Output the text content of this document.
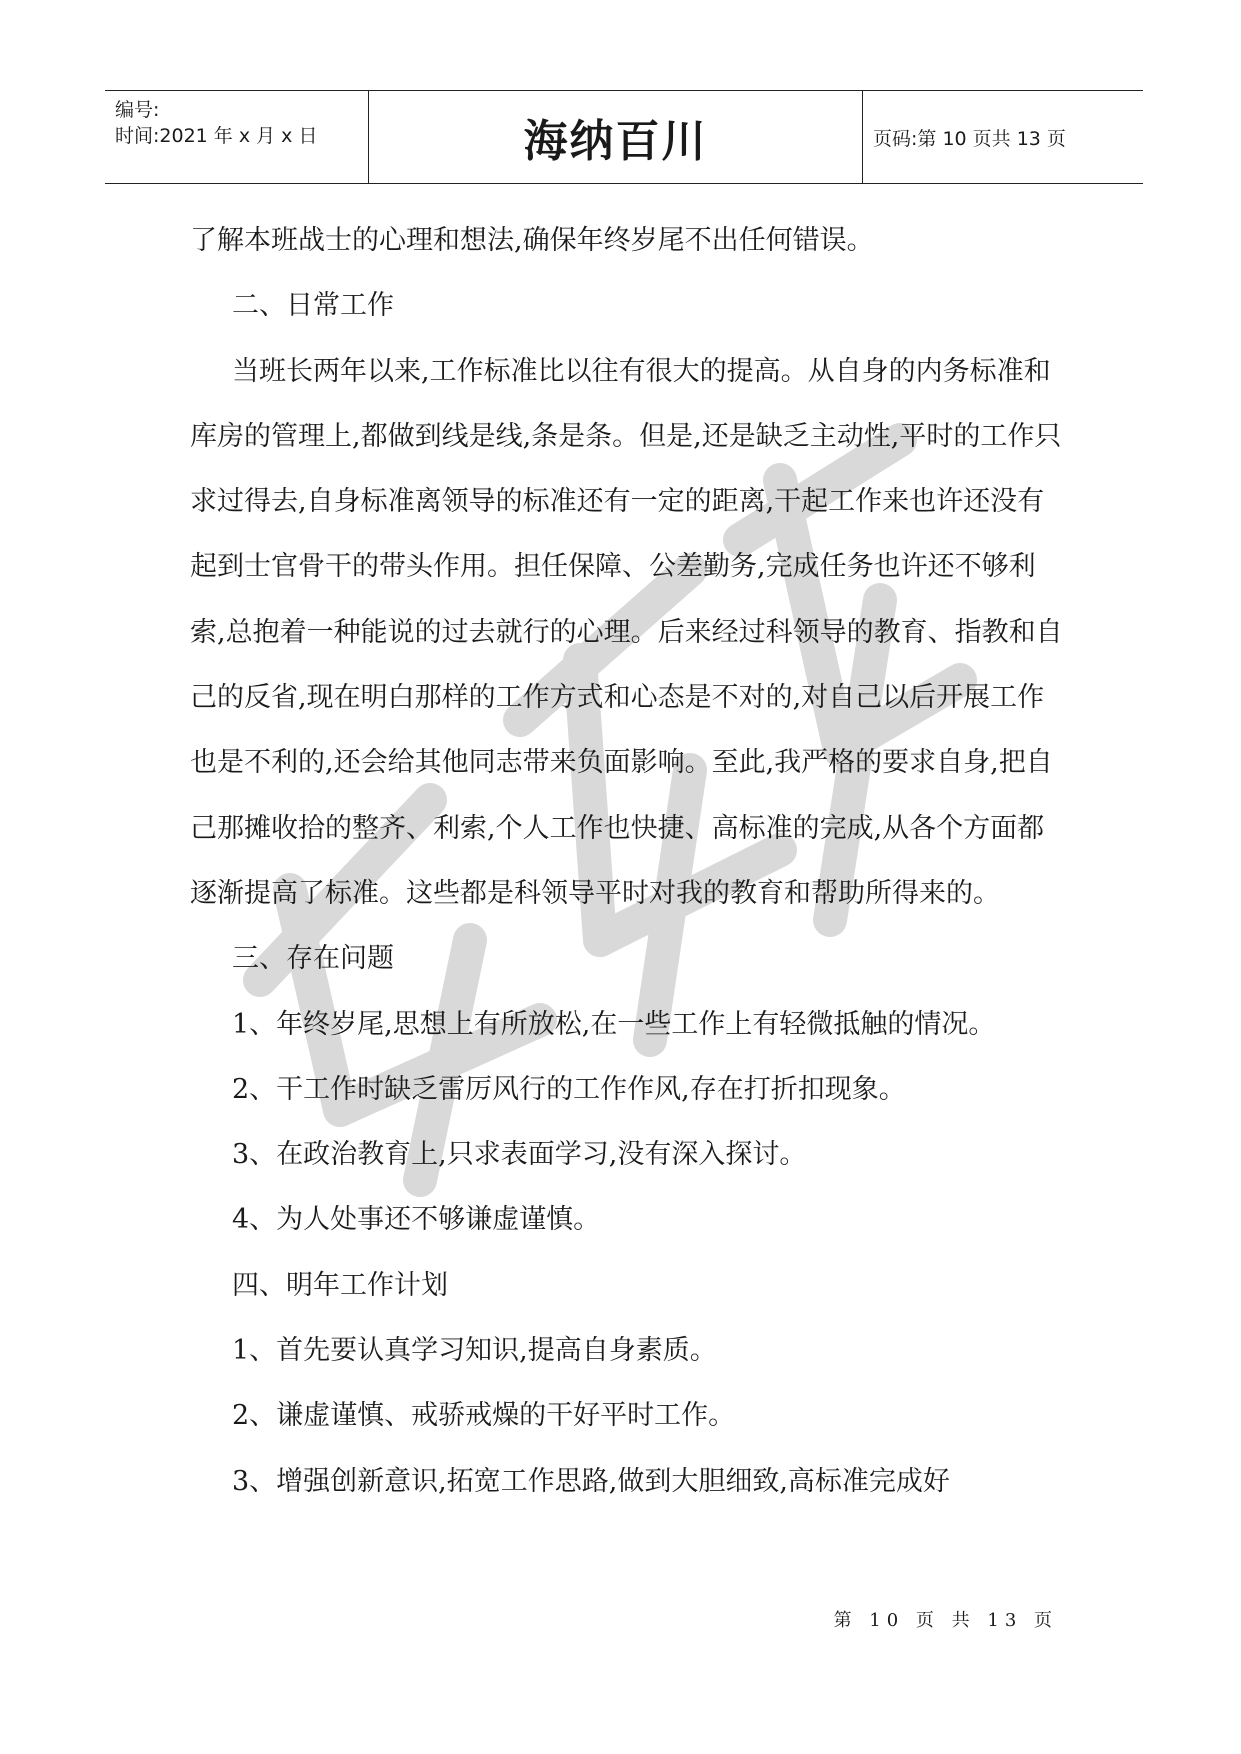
编号:
时间:2021 年 x 月 x 日	海纳百川	页码:第 10 页共 13 页

了解本班战士的心理和想法,确保年终岁尾不出任何错误。

二、日常工作

当班长两年以来,工作标准比以往有很大的提高。从自身的内务标准和库房的管理上,都做到线是线,条是条。但是,还是缺乏主动性,平时的工作只求过得去,自身标准离领导的标准还有一定的距离,干起工作来也许还没有起到士官骨干的带头作用。担任保障、公差勤务,完成任务也许还不够利索,总抱着一种能说的过去就行的心理。后来经过科领导的教育、指教和自己的反省,现在明白那样的工作方式和心态是不对的,对自己以后开展工作也是不利的,还会给其他同志带来负面影响。至此,我严格的要求自身,把自己那摊收拾的整齐、利索,个人工作也快捷、高标准的完成,从各个方面都逐渐提高了标准。这些都是科领导平时对我的教育和帮助所得来的。

三、存在问题

1、年终岁尾,思想上有所放松,在一些工作上有轻微抵触的情况。

2、干工作时缺乏雷厉风行的工作作风,存在打折扣现象。

3、在政治教育上,只求表面学习,没有深入探讨。

4、为人处事还不够谦虚谨慎。

四、明年工作计划

1、首先要认真学习知识,提高自身素质。

2、谦虚谨慎、戒骄戒燥的干好平时工作。

3、增强创新意识,拓宽工作思路,做到大胆细致,高标准完成好

第 10 页 共 13 页
